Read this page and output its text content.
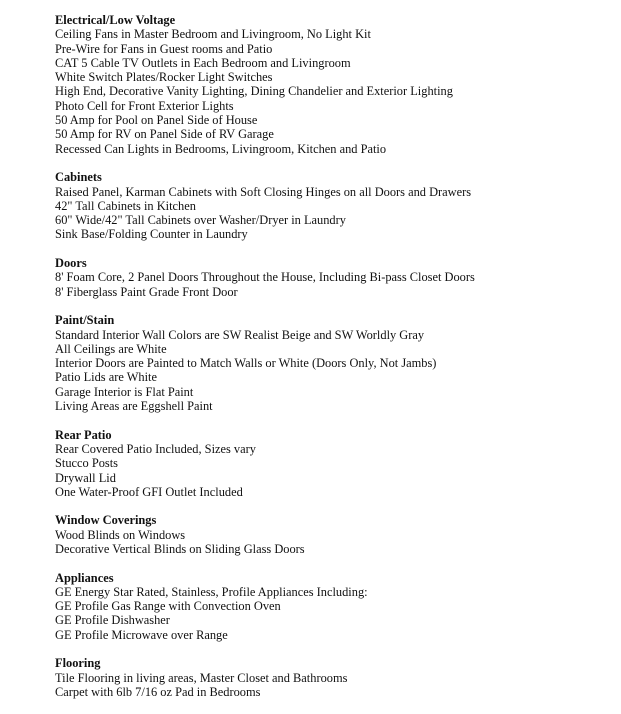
Electrical/Low Voltage
Ceiling Fans in Master Bedroom and Livingroom, No Light Kit
Pre-Wire for Fans in Guest rooms and Patio
CAT 5 Cable TV Outlets in Each Bedroom and Livingroom
White Switch Plates/Rocker Light Switches
High End, Decorative Vanity Lighting, Dining Chandelier and Exterior Lighting
Photo Cell for Front Exterior Lights
50 Amp for Pool on Panel Side of House
50 Amp for RV on Panel Side of RV Garage
Recessed Can Lights in Bedrooms, Livingroom, Kitchen and Patio
Cabinets
Raised Panel, Karman Cabinets with Soft Closing Hinges on all Doors and Drawers
42" Tall Cabinets in Kitchen
60" Wide/42" Tall Cabinets over Washer/Dryer in Laundry
Sink Base/Folding Counter in Laundry
Doors
8' Foam Core, 2 Panel Doors Throughout the House, Including Bi-pass Closet Doors
8' Fiberglass Paint Grade Front Door
Paint/Stain
Standard Interior Wall Colors are SW Realist Beige and SW Worldly Gray
All Ceilings are White
Interior Doors are Painted to Match Walls or White (Doors Only, Not Jambs)
Patio Lids are White
Garage Interior is Flat Paint
Living Areas are Eggshell Paint
Rear Patio
Rear Covered Patio Included, Sizes vary
Stucco Posts
Drywall Lid
One Water-Proof GFI Outlet Included
Window Coverings
Wood Blinds on Windows
Decorative Vertical Blinds on Sliding Glass Doors
Appliances
GE Energy Star Rated, Stainless, Profile Appliances Including:
GE Profile Gas Range with Convection Oven
GE Profile Dishwasher
GE Profile Microwave over Range
Flooring
Tile Flooring in living areas, Master Closet and Bathrooms
Carpet with 6lb 7/16 oz Pad in Bedrooms
